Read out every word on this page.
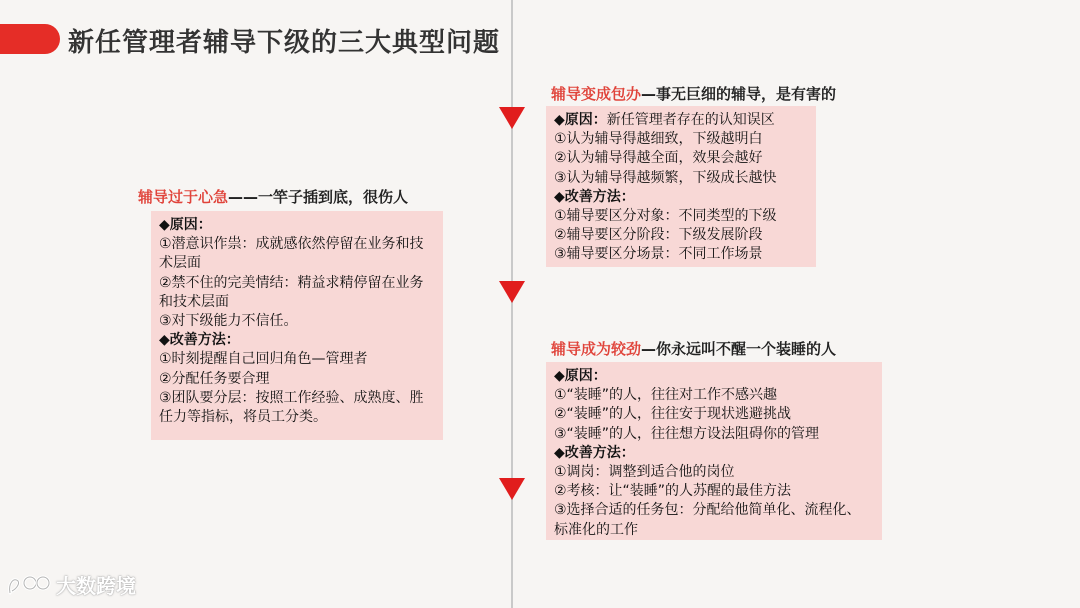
新任管理者辅导下级的三大典型问题
辅导过于心急——一竿子插到底，很伤人
◆原因：
①潜意识作祟：成就感依然停留在业务和技术层面
②禁不住的完美情结：精益求精停留在业务和技术层面
③对下级能力不信任。
◆改善方法：
①时刻提醒自己回归角色—管理者
②分配任务要合理
③团队要分层：按照工作经验、成熟度、胜任力等指标，将员工分类。
辅导变成包办—事无巨细的辅导，是有害的
◆原因：新任管理者存在的认知误区
①认为辅导得越细致，下级越明白
②认为辅导得越全面，效果会越好
③认为辅导得越频繁，下级成长越快
◆改善方法：
①辅导要区分对象：不同类型的下级
②辅导要区分阶段：下级发展阶段
③辅导要区分场景：不同工作场景
辅导成为较劲—你永远叫不醒一个装睡的人
◆原因：
①“装睡”的人，往往对工作不感兴趣
②“装睡”的人，往往安于现状逃避挑战
③“装睡”的人，往往想方设法阻碍你的管理
◆改善方法：
①调岗：调整到适合他的岗位
②考核：让“装睡”的人苏醒的最佳方法
③选择合适的任务包：分配给他简单化、流程化、标准化的工作
大数跨境
